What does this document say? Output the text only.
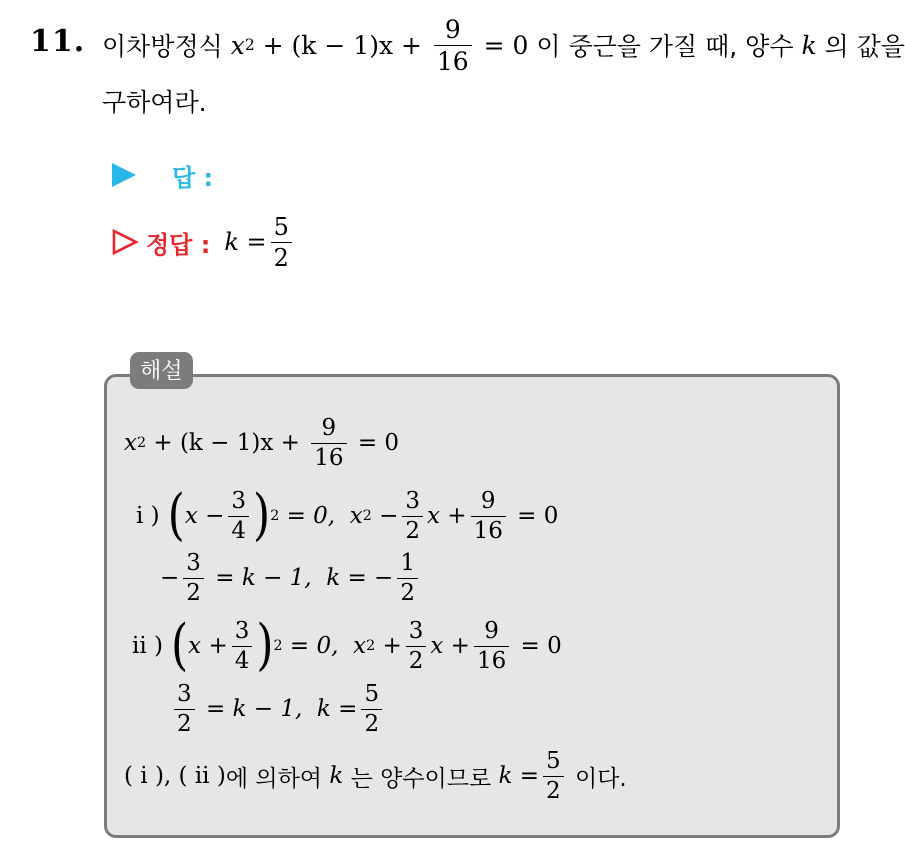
11. 이차방정식
x $2 + (k - 1)x + \frac{9}{16} = 0$ 이 중근을 가질 때, 양수 k 의 값을
구하여라.
답 :
정답 : $k = \frac{5}{2}$
해설
x $2 + (k - 1)x + \frac{9}{16} = 0$
i ) ( $x - \frac{3}{4}$ ) 2 = 0,  x $2 - \frac{3}{2}$ $x + \frac{9}{16} = 0$
− $\frac{3}{2} = k - 1$,  k = − $\frac{1}{2}$
ii ) ( $x + \frac{3}{4}$ ) 2 = 0,  x $2 + \frac{3}{2}$ $x + \frac{9}{16} = 0$
$\frac{3}{2} = k - 1$,  $k = \frac{5}{2}$
( i ), ( ii ) 에 의하여 k 는 양수이므로 $k = \frac{5}{2}$ 이다.
